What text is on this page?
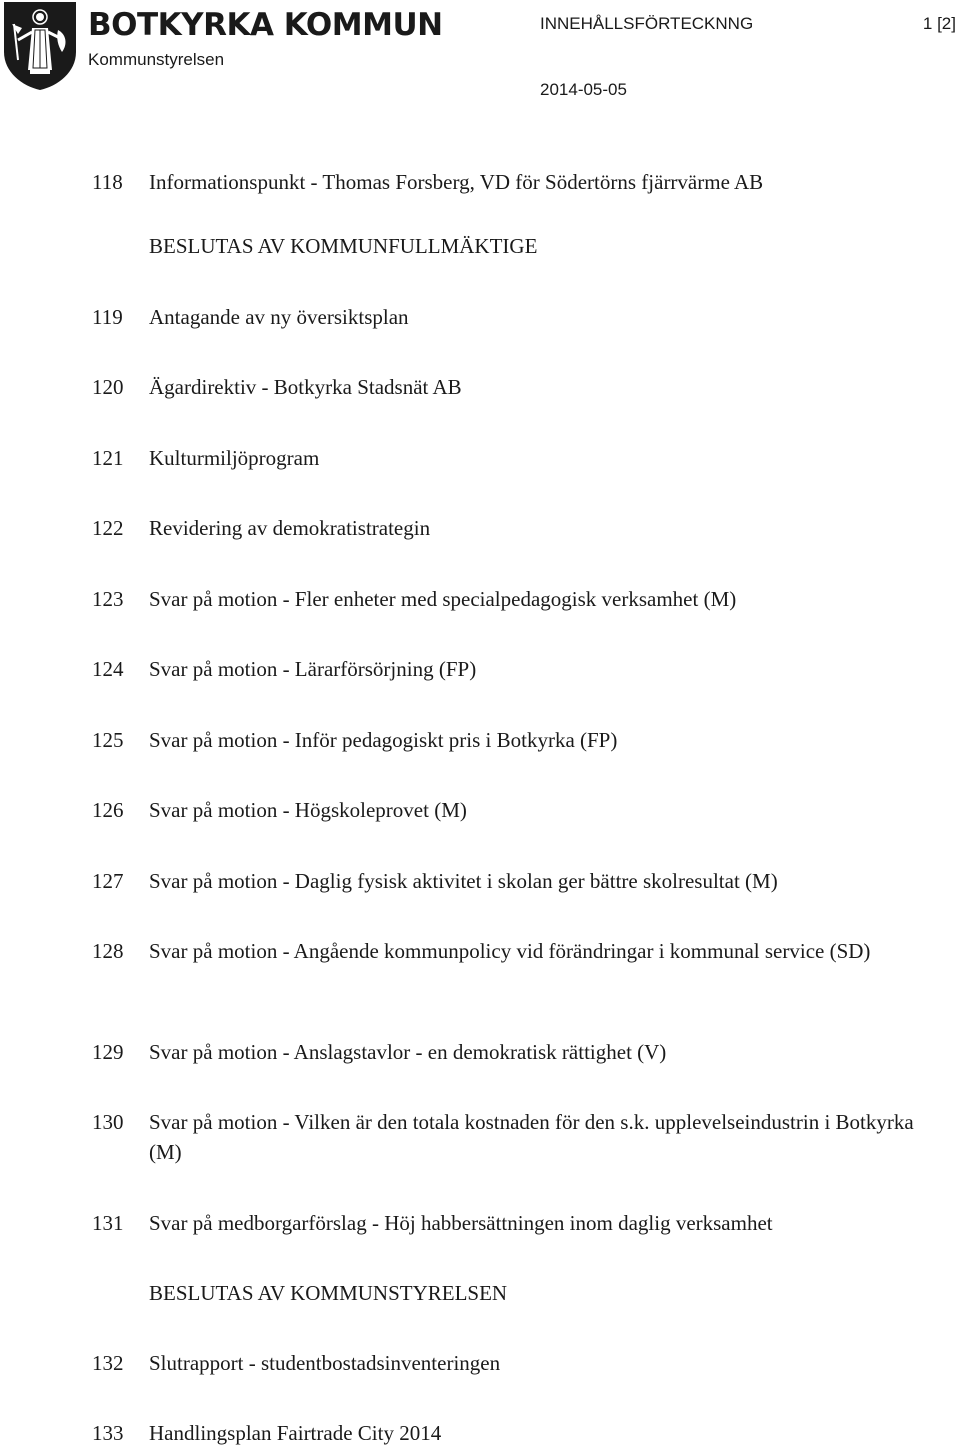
BOTKYRKA KOMMUN
Kommunstyrelsen
INNEHÅLLSFÖRTECKNNG	1 [2]
2014-05-05
118 Informationspunkt - Thomas Forsberg, VD för Södertörns fjärrvärme AB
BESLUTAS AV KOMMUNFULLMÄKTIGE
119 Antagande av ny översiktsplan
120 Ägardirektiv - Botkyrka Stadsnät AB
121 Kulturmiljöprogram
122 Revidering av demokratistrategin
123 Svar på motion - Fler enheter med specialpedagogisk verksamhet (M)
124 Svar på motion - Lärarförsörjning (FP)
125 Svar på motion - Inför pedagogiskt pris i Botkyrka (FP)
126 Svar på motion - Högskoleprovet (M)
127 Svar på motion - Daglig fysisk aktivitet i skolan ger bättre skolresultat (M)
128 Svar på motion - Angående kommunpolicy vid förändringar i kommunal service (SD)
129 Svar på motion - Anslagstavlor - en demokratisk rättighet (V)
130 Svar på motion - Vilken är den totala kostnaden för den s.k. upplevelseindustrin i Botkyrka (M)
131 Svar på medborgarförslag - Höj habbersättningen inom daglig verksamhet
BESLUTAS AV KOMMUNSTYRELSEN
132 Slutrapport - studentbostadsinventeringen
133 Handlingsplan Fairtrade City 2014
